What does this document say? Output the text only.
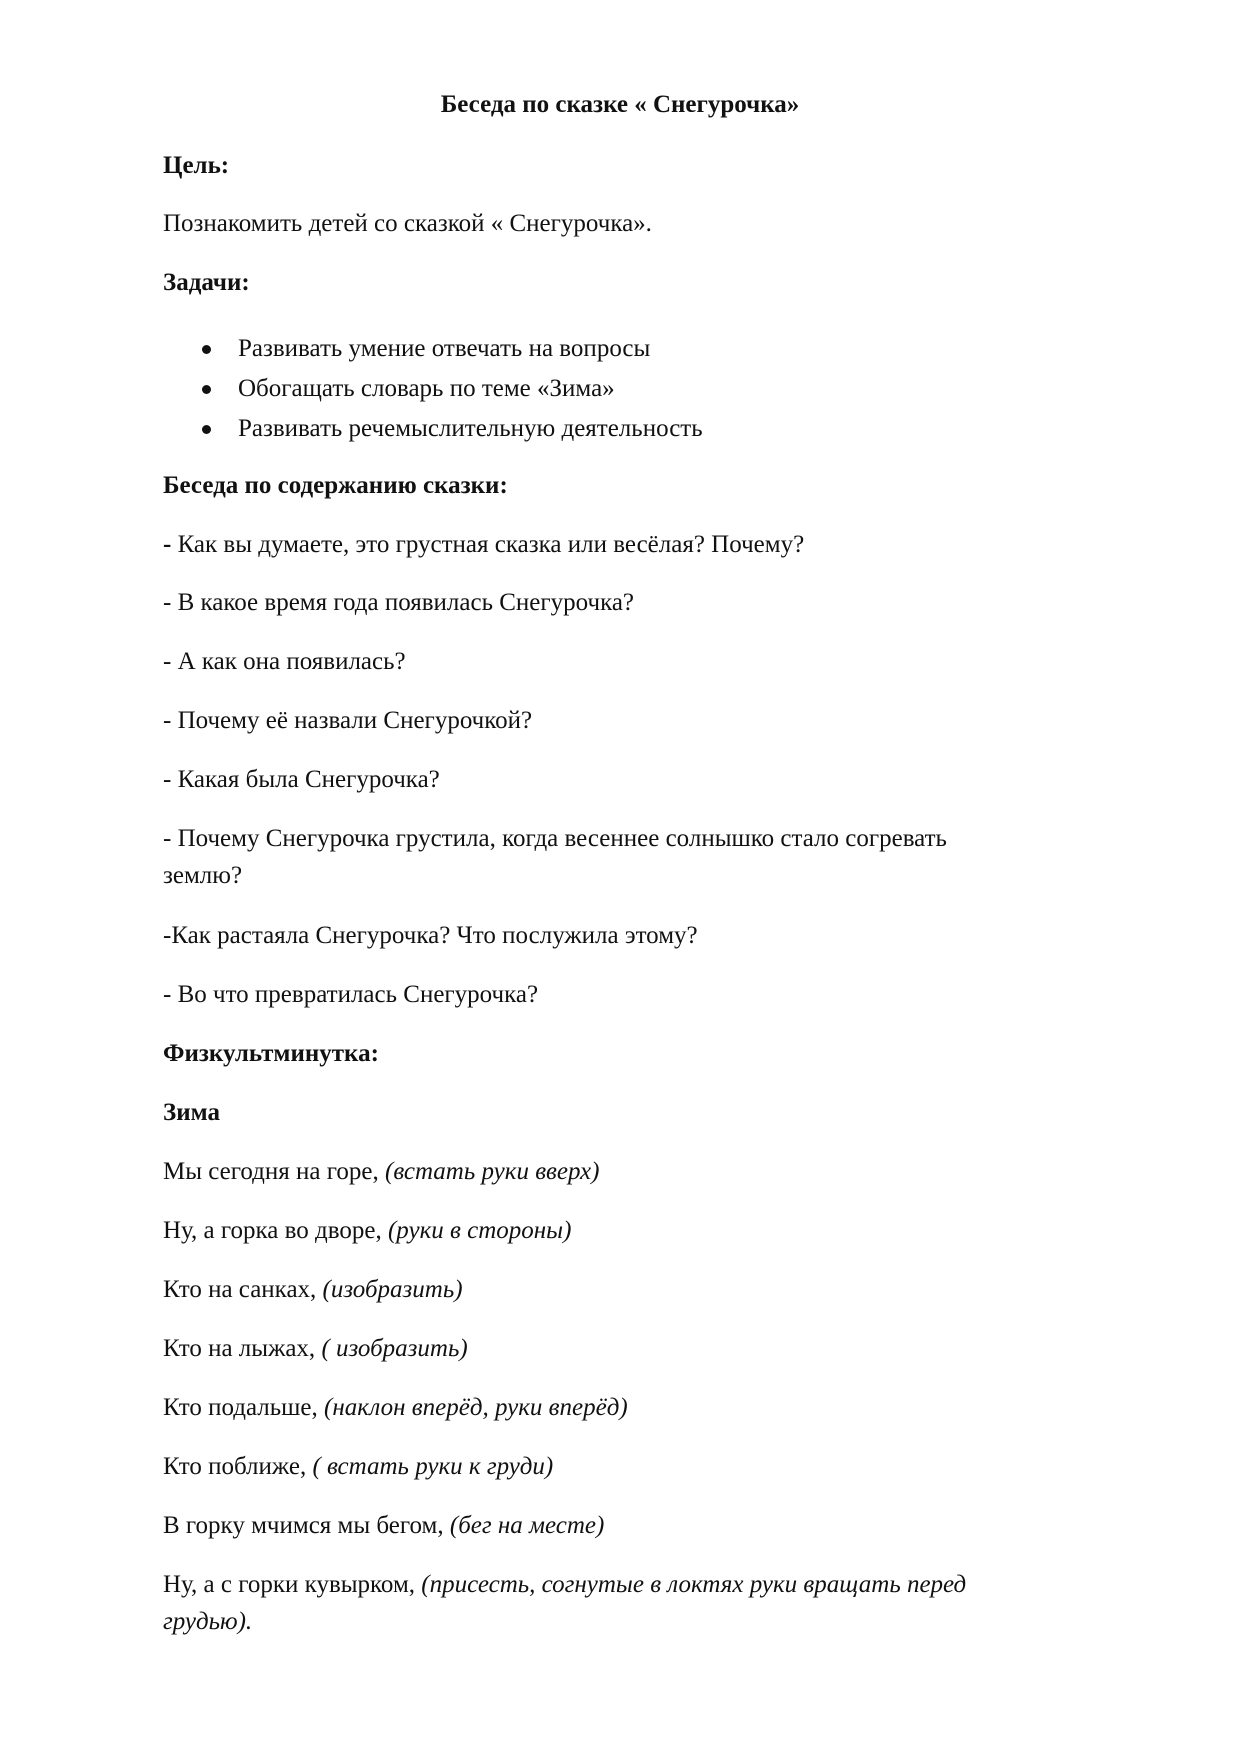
Беседа по сказке « Снегурочка»

Цель:

Познакомить детей со сказкой « Снегурочка».

Задачи:

Развивать умение отвечать на вопросы
Обогащать словарь по теме «Зима»
Развивать речемыслительную деятельность

Беседа по содержанию сказки:

- Как вы думаете, это грустная сказка или весёлая? Почему?

- В какое время года появилась Снегурочка?

- А как она появилась?

- Почему её назвали Снегурочкой?

- Какая была Снегурочка?

- Почему Снегурочка грустила, когда весеннее солнышко стало согревать

землю?

-Как растаяла Снегурочка? Что послужила этому?

- Во что превратилась Снегурочка?

Физкультминутка:

Зима

Мы сегодня на горе, (встать руки вверх)

Ну, а горка во дворе, (руки в стороны)

Кто на санках, (изобразить)

Кто на лыжах, ( изобразить)

Кто подальше, (наклон вперёд, руки вперёд)

Кто поближе, ( встать руки к груди)

В горку мчимся мы бегом, (бег на месте)

Ну, а с горки кувырком, (присесть, согнутые в локтях руки вращать перед

грудью).
